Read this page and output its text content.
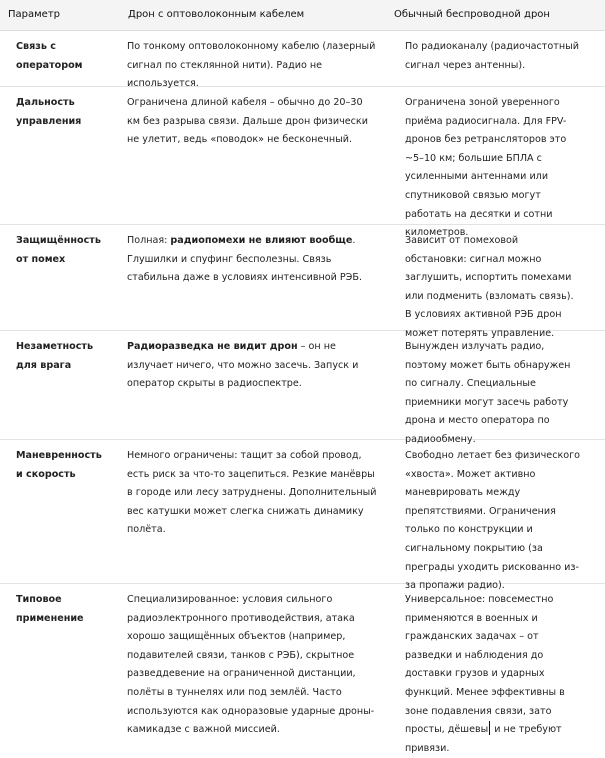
Параметр	Дрон с оптоволоконным кабелем	Обычный беспроводной дрон
Связь с оператором
По тонкому оптоволоконному кабелю (лазерный сигнал по стеклянной нити). Радио не используется.
По радиоканалу (радиочастотный сигнал через антенны).
Дальность управления
Ограничена длиной кабеля – обычно до 20–30 км без разрыва связи. Дальше дрон физически не улетит, ведь «поводок» не бесконечный.
Ограничена зоной уверенного приёма радиосигнала. Для FPV-дронов без ретрансляторов это ~5–10 км; большие БПЛА с усиленными антеннами или спутниковой связью могут работать на десятки и сотни километров.
Защищённость от помех
Полная: радиопомехи не влияют вообще. Глушилки и спуфинг бесполезны. Связь стабильна даже в условиях интенсивной РЭБ.
Зависит от помеховой обстановки: сигнал можно заглушить, испортить помехами или подменить (взломать связь). В условиях активной РЭБ дрон может потерять управление.
Незаметность для врага
Радиоразведка не видит дрон – он не излучает ничего, что можно засечь. Запуск и оператор скрыты в радиоспектре.
Вынужден излучать радио, поэтому может быть обнаружен по сигналу. Специальные приемники могут засечь работу дрона и место оператора по радиообмену.
Маневренность и скорость
Немного ограничены: тащит за собой провод, есть риск за что-то зацепиться. Резкие манёвры в городе или лесу затруднены. Дополнительный вес катушки может слегка снижать динамику полёта.
Свободно летает без физического «хвоста». Может активно маневрировать между препятствиями. Ограничения только по конструкции и сигнальному покрытию (за преграды уходить рискованно из-за пропажи радио).
Типовое применение
Специализированное: условия сильного радиоэлектронного противодействия, атака хорошо защищённых объектов (например, подавителей связи, танков с РЭБ), скрытное разведдевение на ограниченной дистанции, полёты в туннелях или под землёй. Часто используются как одноразовые ударные дроны-камикадзе с важной миссией.
Универсальное: повсеместно применяются в военных и гражданских задачах – от разведки и наблюдения до доставки грузов и ударных функций. Менее эффективны в зоне подавления связи, зато просты, дёшевы и не требуют привязи.
